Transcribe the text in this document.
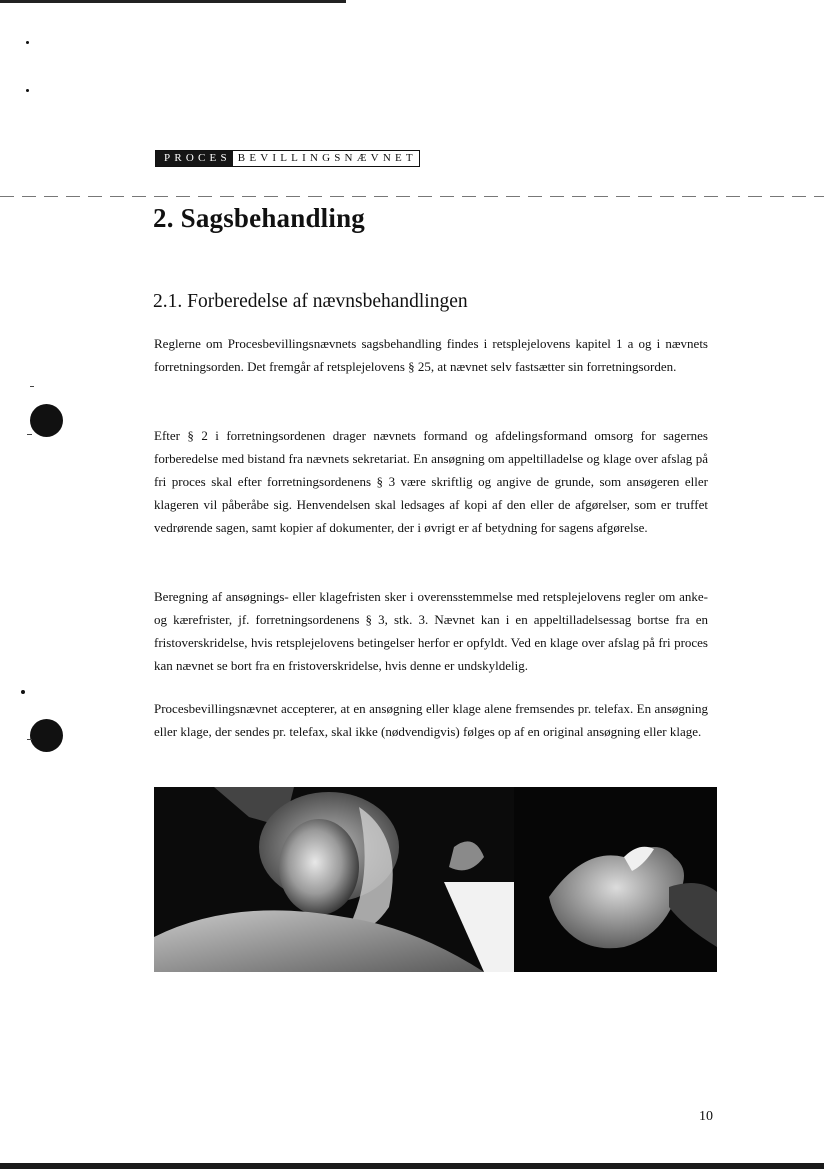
PROCES BEVILLINGSNÆVNET
2. Sagsbehandling
2.1. Forberedelse af nævnsbehandlingen

Reglerne om Procesbevillingsnævnets sagsbehandling findes i retsplejelovens kapitel 1 a og i nævnets forretningsorden. Det fremgår af retsplejelovens § 25, at nævnet selv fastsætter sin forretningsorden.

Efter § 2 i forretningsordenen drager nævnets formand og afdelingsformand omsorg for sagernes forberedelse med bistand fra nævnets sekretariat. En ansøgning om appeltilladelse og klage over afslag på fri proces skal efter forretningsordenens § 3 være skriftlig og angive de grunde, som ansøgeren eller klageren vil påberåbe sig. Henvendelsen skal ledsages af kopi af den eller de afgørelser, som er truffet vedrørende sagen, samt kopier af dokumenter, der i øvrigt er af betydning for sagens afgørelse.

Beregning af ansøgnings- eller klagefristen sker i overensstemmelse med retsplejelovens regler om anke- og kærefrister, jf. forretningsordenens § 3, stk. 3. Nævnet kan i en appeltilladelsessag bortse fra en fristoverskridelse, hvis retsplejelovens betingelser herfor er opfyldt. Ved en klage over afslag på fri proces kan nævnet se bort fra en fristoverskridelse, hvis denne er undskyldelig.

Procesbevillingsnævnet accepterer, at en ansøgning eller klage alene fremsendes pr. telefax. En ansøgning eller klage, der sendes pr. telefax, skal ikke (nødvendigvis) følges op af en original ansøgning eller klage.

10
